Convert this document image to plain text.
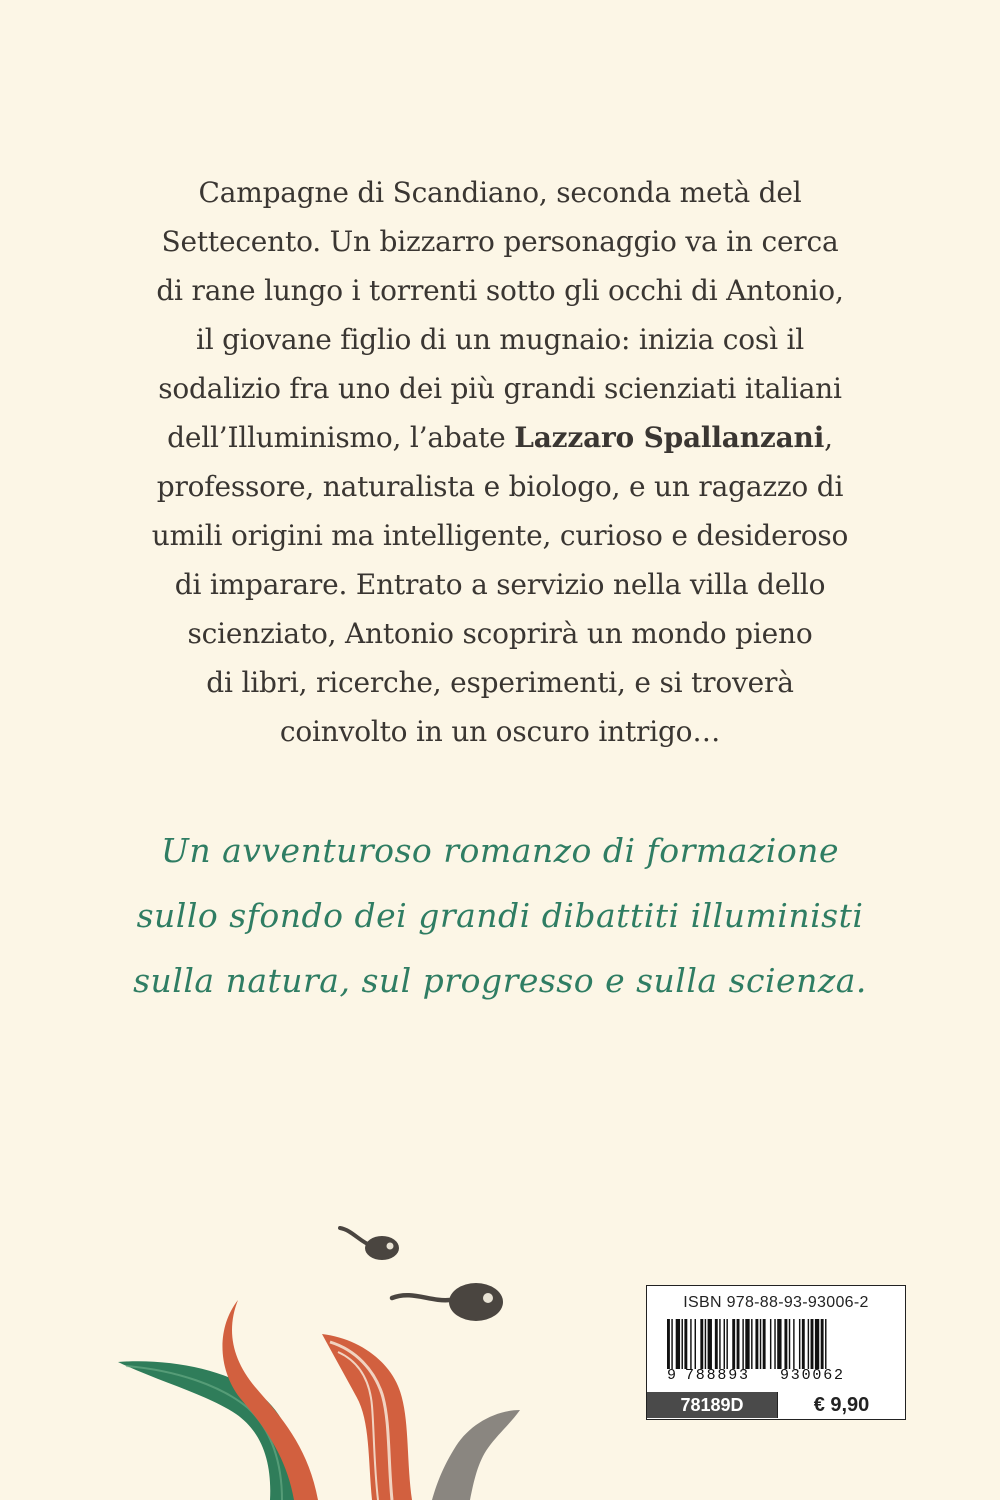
Campagne di Scandiano, seconda metà del
Settecento. Un bizzarro personaggio va in cerca
di rane lungo i torrenti sotto gli occhi di Antonio,
il giovane figlio di un mugnaio: inizia così il
sodalizio fra uno dei più grandi scienziati italiani
dell’Illuminismo, l’abate Lazzaro Spallanzani,
professore, naturalista e biologo, e un ragazzo di
umili origini ma intelligente, curioso e desideroso
di imparare. Entrato a servizio nella villa dello
scienziato, Antonio scoprirà un mondo pieno
di libri, ricerche, esperimenti, e si troverà
coinvolto in un oscuro intrigo…
Un avventuroso romanzo di formazione
sullo sfondo dei grandi dibattiti illuministi
sulla natura, sul progresso e sulla scienza.
ISBN 978-88-93-93006-2
9 788893 930062
78189D	€ 9,90
